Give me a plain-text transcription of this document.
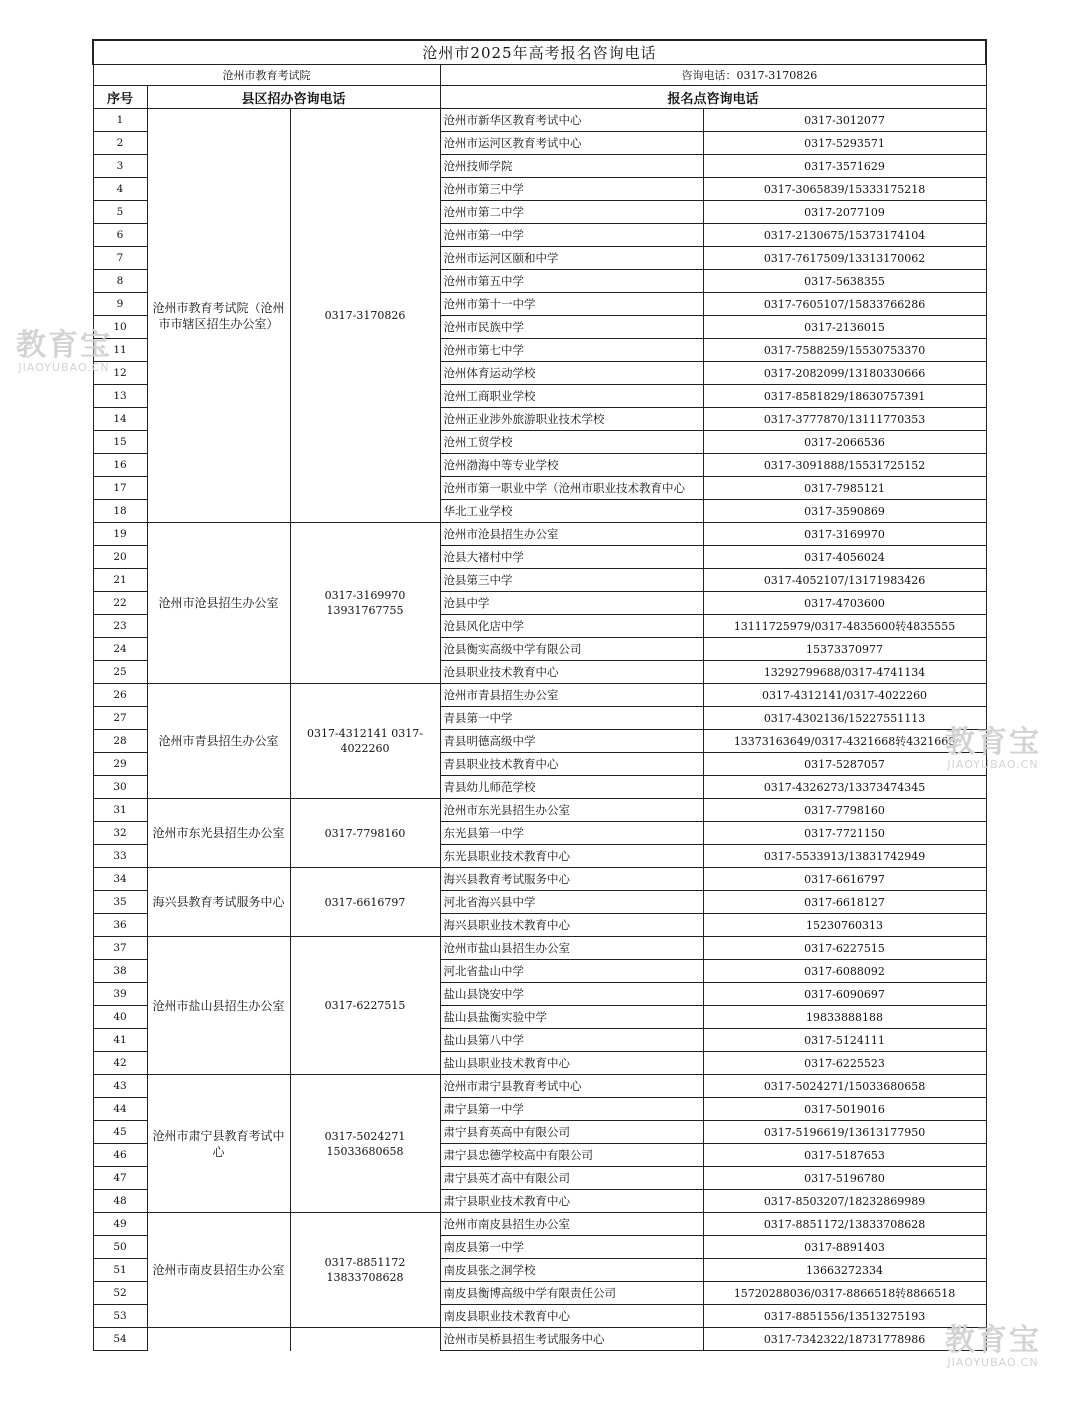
沧州市2025年高考报名咨询电话				
沧州市教育考试院			咨询电话：0317-3170826	
序号	县区招办咨询电话		报名点咨询电话	
1	沧州市教育考试院（沧州市市辖区招生办公室）	0317-3170826	沧州市新华区教育考试中心	0317-3012077
2			沧州市运河区教育考试中心	0317-5293571
3			沧州技师学院	0317-3571629
4			沧州市第三中学	0317-3065839/15333175218
5			沧州市第二中学	0317-2077109
6			沧州市第一中学	0317-2130675/15373174104
7			沧州市运河区颐和中学	0317-7617509/13313170062
8			沧州市第五中学	0317-5638355
9			沧州市第十一中学	0317-7605107/15833766286
10			沧州市民族中学	0317-2136015
11			沧州市第七中学	0317-7588259/15530753370
12			沧州体育运动学校	0317-2082099/13180330666
13			沧州工商职业学校	0317-8581829/18630757391
14			沧州正业涉外旅游职业技术学校	0317-3777870/13111770353
15			沧州工贸学校	0317-2066536
16			沧州渤海中等专业学校	0317-3091888/15531725152
17			沧州市第一职业中学（沧州市职业技术教育中心	0317-7985121
18			华北工业学校	0317-3590869
19	沧州市沧县招生办公室	0317-3169970 13931767755	沧州市沧县招生办公室	0317-3169970
20			沧县大褚村中学	0317-4056024
21			沧县第三中学	0317-4052107/13171983426
22			沧县中学	0317-4703600
23			沧县风化店中学	13111725979/0317-4835600转4835555
24			沧县衡实高级中学有限公司	15373370977
25			沧县职业技术教育中心	13292799688/0317-4741134
26	沧州市青县招生办公室	0317-4312141 0317-4022260	沧州市青县招生办公室	0317-4312141/0317-4022260
27			青县第一中学	0317-4302136/15227551113
28			青县明德高级中学	13373163649/0317-4321668转4321668
29			青县职业技术教育中心	0317-5287057
30			青县幼儿师范学校	0317-4326273/13373474345
31	沧州市东光县招生办公室	0317-7798160	沧州市东光县招生办公室	0317-7798160
32			东光县第一中学	0317-7721150
33			东光县职业技术教育中心	0317-5533913/13831742949
34	海兴县教育考试服务中心	0317-6616797	海兴县教育考试服务中心	0317-6616797
35			河北省海兴县中学	0317-6618127
36			海兴县职业技术教育中心	15230760313
37	沧州市盐山县招生办公室	0317-6227515	沧州市盐山县招生办公室	0317-6227515
38			河北省盐山中学	0317-6088092
39			盐山县饶安中学	0317-6090697
40			盐山县盐衡实验中学	19833888188
41			盐山县第八中学	0317-5124111
42			盐山县职业技术教育中心	0317-6225523
43	沧州市肃宁县教育考试中心	0317-5024271 15033680658	沧州市肃宁县教育考试中心	0317-5024271/15033680658
44			肃宁县第一中学	0317-5019016
45			肃宁县育英高中有限公司	0317-5196619/13613177950
46			肃宁县忠德学校高中有限公司	0317-5187653
47			肃宁县英才高中有限公司	0317-5196780
48			肃宁县职业技术教育中心	0317-8503207/18232869989
49	沧州市南皮县招生办公室	0317-8851172 13833708628	沧州市南皮县招生办公室	0317-8851172/13833708628
50			南皮县第一中学	0317-8891403
51			南皮县张之洞学校	13663272334
52			南皮县衡博高级中学有限责任公司	15720288036/0317-8866518转8866518
53			南皮县职业技术教育中心	0317-8851556/13513275193
54			沧州市吴桥县招生考试服务中心	0317-7342322/18731778986
教育宝
JIAOYUBAO.CN
教育宝
JIAOYUBAO.CN
教育宝
JIAOYUBAO.CN
